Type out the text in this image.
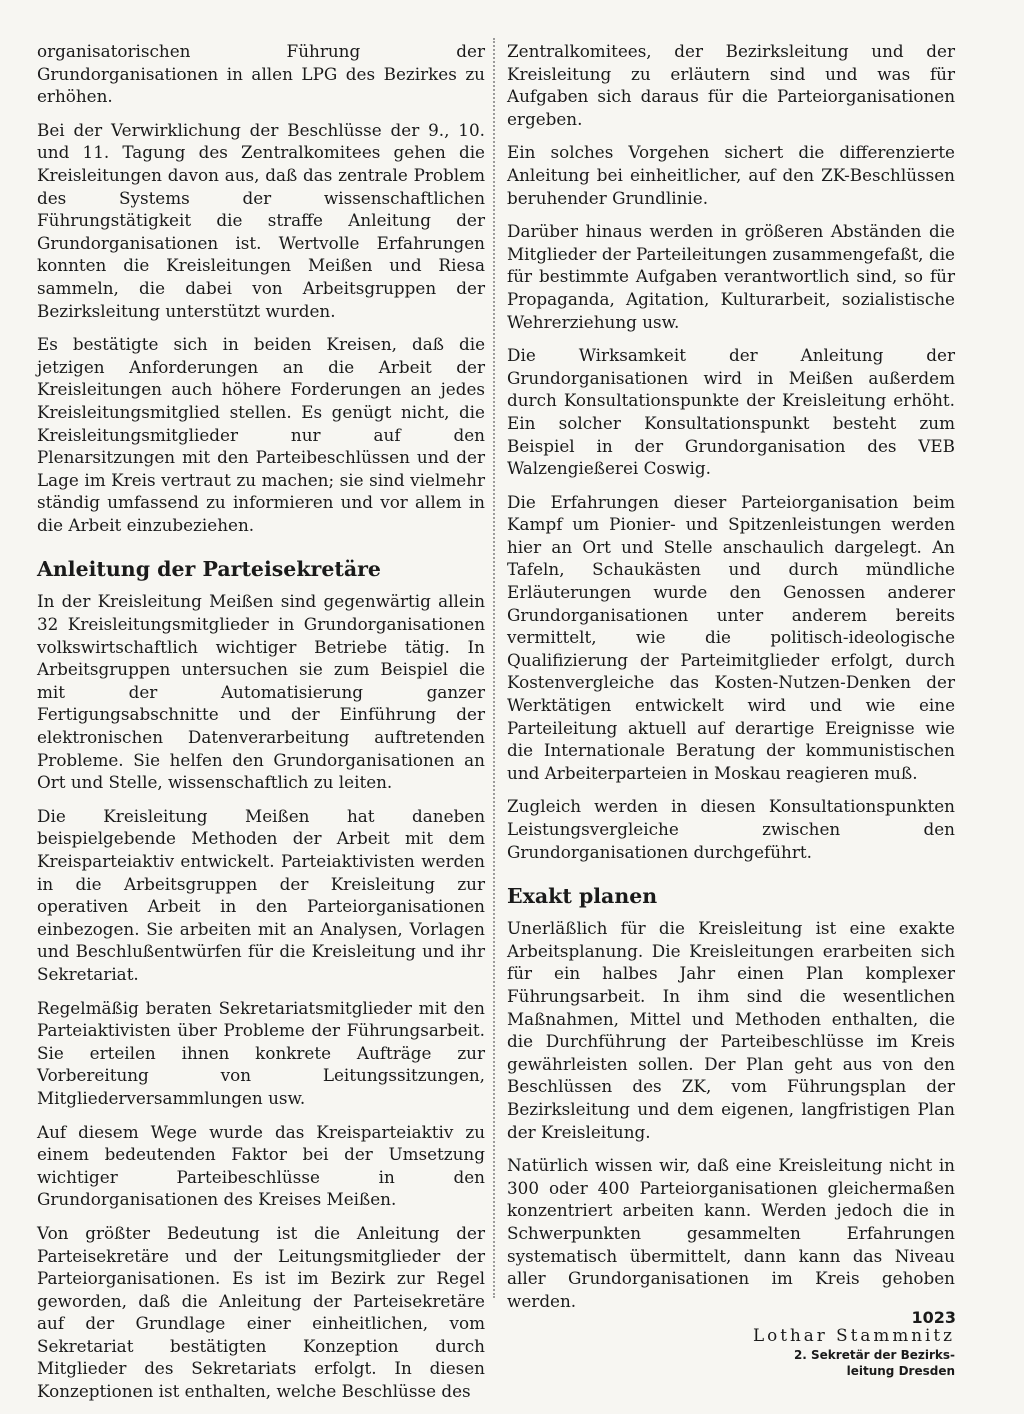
organisatorischen Führung der Grundorganisationen in allen LPG des Bezirkes zu erhöhen.

Bei der Verwirklichung der Beschlüsse der 9., 10. und 11. Tagung des Zentralkomitees gehen die Kreisleitungen davon aus, daß das zentrale Problem des Systems der wissenschaftlichen Führungstätigkeit die straffe Anleitung der Grundorganisationen ist. Wertvolle Erfahrungen konnten die Kreisleitungen Meißen und Riesa sammeln, die dabei von Arbeitsgruppen der Bezirksleitung unterstützt wurden.

Es bestätigte sich in beiden Kreisen, daß die jetzigen Anforderungen an die Arbeit der Kreisleitungen auch höhere Forderungen an jedes Kreisleitungsmitglied stellen. Es genügt nicht, die Kreisleitungsmitglieder nur auf den Plenarsitzungen mit den Parteibeschlüssen und der Lage im Kreis vertraut zu machen; sie sind vielmehr ständig umfassend zu informieren und vor allem in die Arbeit einzubeziehen.

Anleitung der Parteisekretäre

In der Kreisleitung Meißen sind gegenwärtig allein 32 Kreisleitungsmitglieder in Grundorganisationen volkswirtschaftlich wichtiger Betriebe tätig. In Arbeitsgruppen untersuchen sie zum Beispiel die mit der Automatisierung ganzer Fertigungsabschnitte und der Einführung der elektronischen Datenverarbeitung auftretenden Probleme. Sie helfen den Grundorganisationen an Ort und Stelle, wissenschaftlich zu leiten.

Die Kreisleitung Meißen hat daneben beispielgebende Methoden der Arbeit mit dem Kreisparteiaktiv entwickelt. Parteiaktivisten werden in die Arbeitsgruppen der Kreisleitung zur operativen Arbeit in den Parteiorganisationen einbezogen. Sie arbeiten mit an Analysen, Vorlagen und Beschlußentwürfen für die Kreisleitung und ihr Sekretariat.

Regelmäßig beraten Sekretariatsmitglieder mit den Parteiaktivisten über Probleme der Führungsarbeit. Sie erteilen ihnen konkrete Aufträge zur Vorbereitung von Leitungssitzungen, Mitgliederversammlungen usw.

Auf diesem Wege wurde das Kreisparteiaktiv zu einem bedeutenden Faktor bei der Umsetzung wichtiger Parteibeschlüsse in den Grundorganisationen des Kreises Meißen.

Von größter Bedeutung ist die Anleitung der Parteisekretäre und der Leitungsmitglieder der Parteiorganisationen. Es ist im Bezirk zur Regel geworden, daß die Anleitung der Parteisekretäre auf der Grundlage einer einheitlichen, vom Sekretariat bestätigten Konzeption durch Mitglieder des Sekretariats erfolgt. In diesen Konzeptionen ist enthalten, welche Beschlüsse des

Zentralkomitees, der Bezirksleitung und der Kreisleitung zu erläutern sind und was für Aufgaben sich daraus für die Parteiorganisationen ergeben.

Ein solches Vorgehen sichert die differenzierte Anleitung bei einheitlicher, auf den ZK-Beschlüssen beruhender Grundlinie.

Darüber hinaus werden in größeren Abständen die Mitglieder der Parteileitungen zusammengefaßt, die für bestimmte Aufgaben verantwortlich sind, so für Propaganda, Agitation, Kulturarbeit, sozialistische Wehrerziehung usw.

Die Wirksamkeit der Anleitung der Grundorganisationen wird in Meißen außerdem durch Konsultationspunkte der Kreisleitung erhöht. Ein solcher Konsultationspunkt besteht zum Beispiel in der Grundorganisation des VEB Walzengießerei Coswig.

Die Erfahrungen dieser Parteiorganisation beim Kampf um Pionier- und Spitzenleistungen werden hier an Ort und Stelle anschaulich dargelegt. An Tafeln, Schaukästen und durch mündliche Erläuterungen wurde den Genossen anderer Grundorganisationen unter anderem bereits vermittelt, wie die politisch-ideologische Qualifizierung der Parteimitglieder erfolgt, durch Kostenvergleiche das Kosten-Nutzen-Denken der Werktätigen entwickelt wird und wie eine Parteileitung aktuell auf derartige Ereignisse wie die Internationale Beratung der kommunistischen und Arbeiterparteien in Moskau reagieren muß.

Zugleich werden in diesen Konsultationspunkten Leistungsvergleiche zwischen den Grundorganisationen durchgeführt.

Exakt planen

Unerläßlich für die Kreisleitung ist eine exakte Arbeitsplanung. Die Kreisleitungen erarbeiten sich für ein halbes Jahr einen Plan komplexer Führungsarbeit. In ihm sind die wesentlichen Maßnahmen, Mittel und Methoden enthalten, die die Durchführung der Parteibeschlüsse im Kreis gewährleisten sollen. Der Plan geht aus von den Beschlüssen des ZK, vom Führungsplan der Bezirksleitung und dem eigenen, langfristigen Plan der Kreisleitung.

Natürlich wissen wir, daß eine Kreisleitung nicht in 300 oder 400 Parteiorganisationen gleichermaßen konzentriert arbeiten kann. Werden jedoch die in Schwerpunkten gesammelten Erfahrungen systematisch übermittelt, dann kann das Niveau aller Grundorganisationen im Kreis gehoben werden.

Lothar Stammnitz
2. Sekretär der Bezirks-
leitung Dresden
1023
